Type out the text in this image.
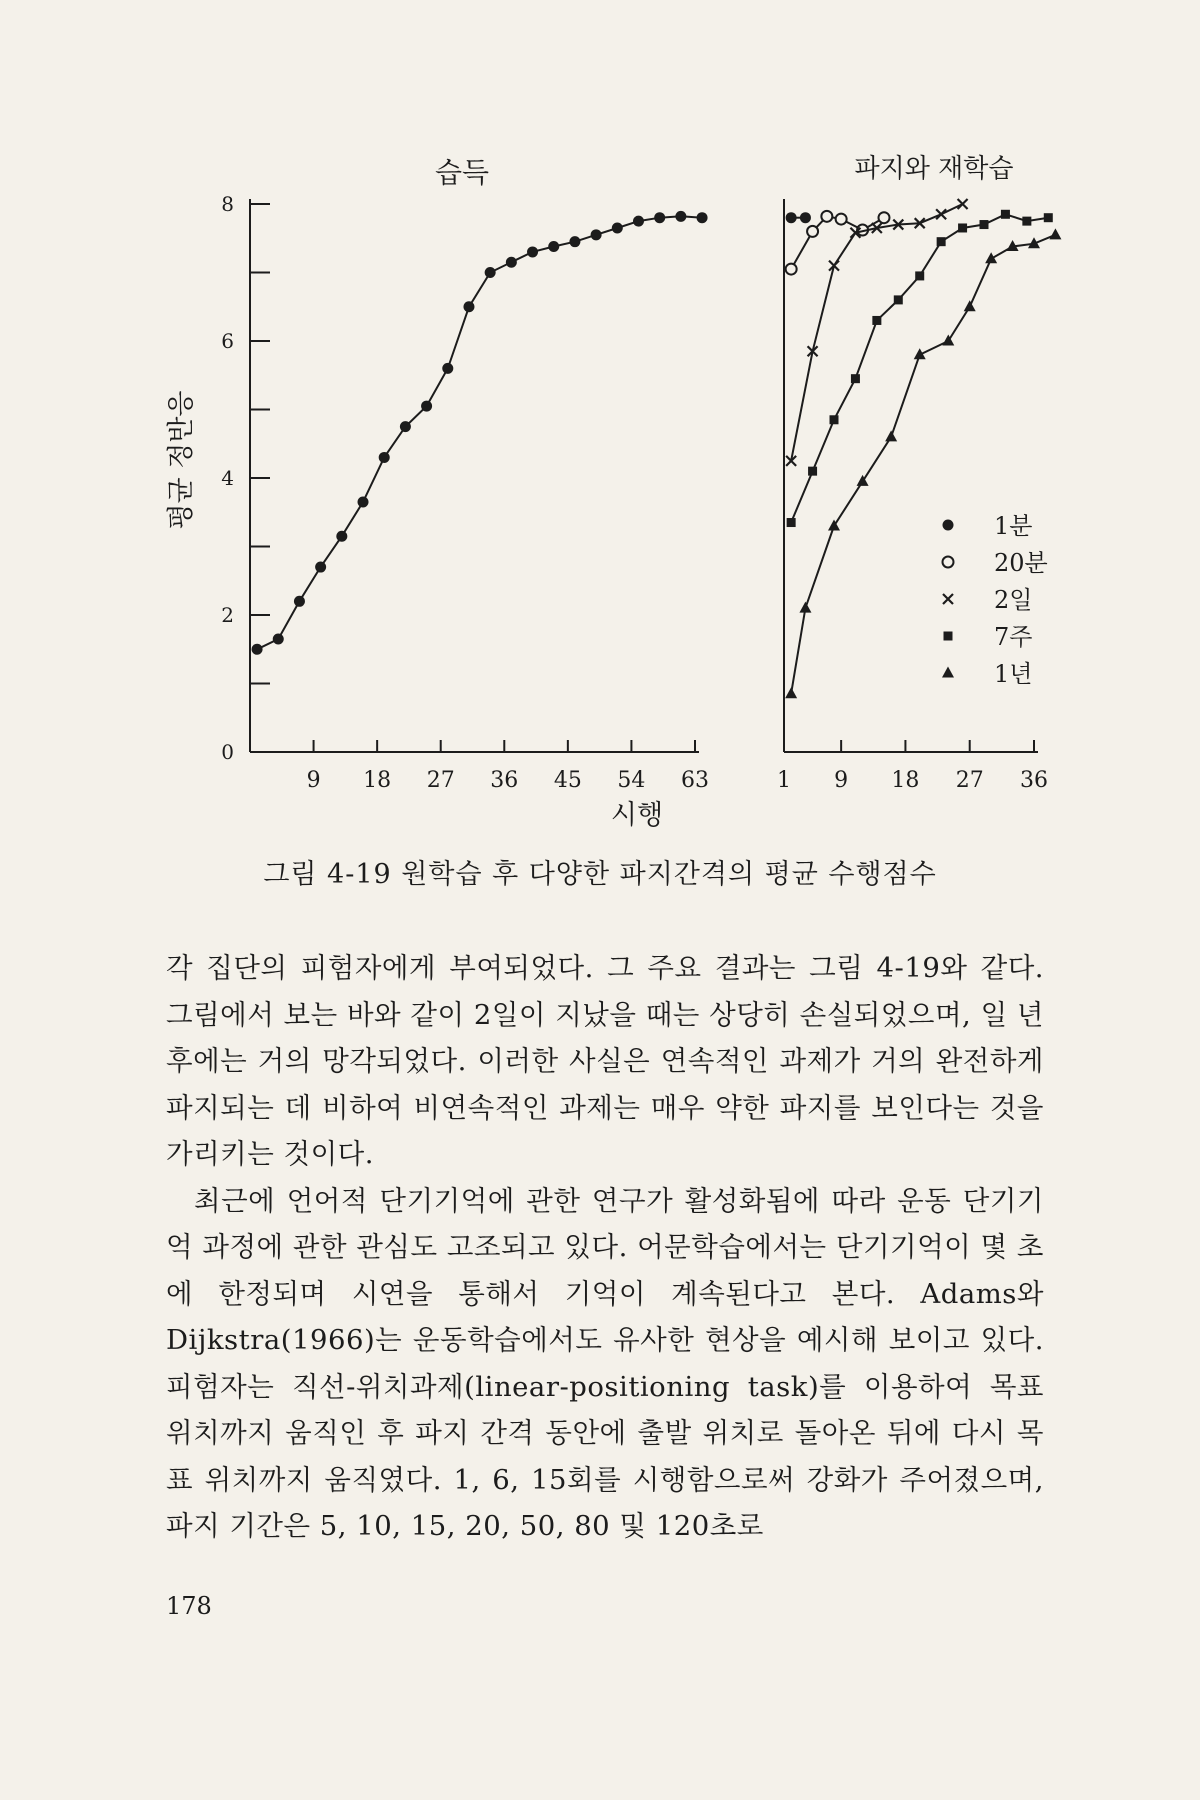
습득	파지와 재학습
평균 정반응
시행
9 18 27 36 45 54 63
0
2
4
6
8
1 9 18 27 36
1분
20분
2일
7주
1년
그림 4-19 원학습 후 다양한 파지간격의 평균 수행점수

각 집단의 피험자에게 부여되었다. 그 주요 결과는 그림 4-19와 같다. 그림에서 보는 바와 같이 2일이 지났을 때는 상당히 손실되었으며, 일 년 후에는 거의 망각되었다. 이러한 사실은 연속적인 과제가 거의 완전하게 파지되는 데 비하여 비연속적인 과제는 매우 약한 파지를 보인다는 것을 가리키는 것이다.

최근에 언어적 단기기억에 관한 연구가 활성화됨에 따라 운동 단기기억 과정에 관한 관심도 고조되고 있다. 어문학습에서는 단기기억이 몇 초에 한정되며 시연을 통해서 기억이 계속된다고 본다. Adams와 Dijkstra(1966)는 운동학습에서도 유사한 현상을 예시해 보이고 있다. 피험자는 직선-위치과제(linear-positioning task)를 이용하여 목표 위치까지 움직인 후 파지 간격 동안에 출발 위치로 돌아온 뒤에 다시 목표 위치까지 움직였다. 1, 6, 15회를 시행함으로써 강화가 주어졌으며, 파지 기간은 5, 10, 15, 20, 50, 80 및 120초로

178
